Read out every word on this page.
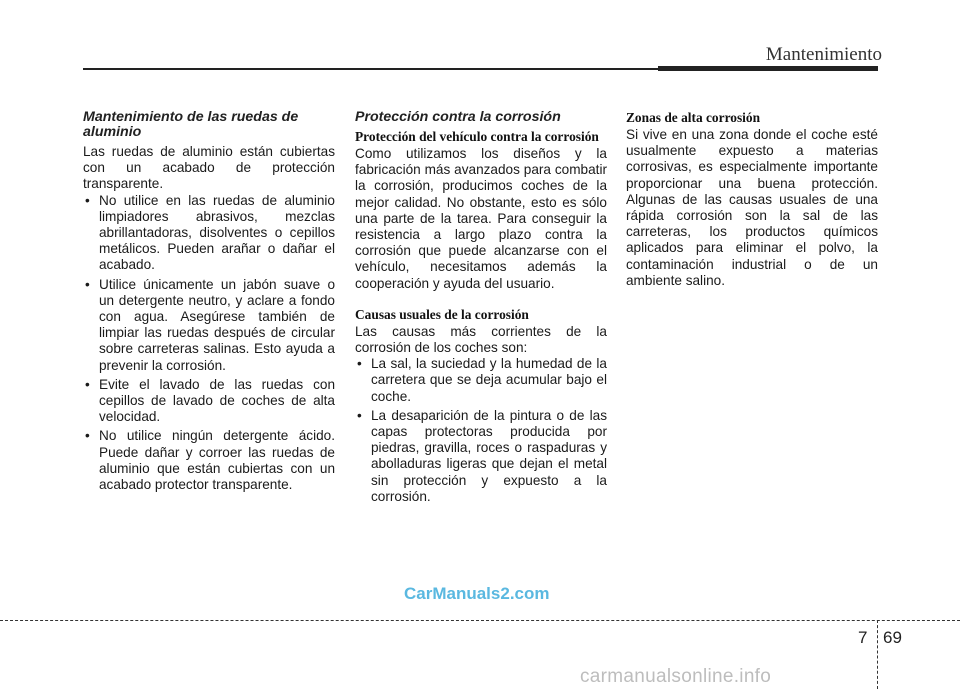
Mantenimiento
Mantenimiento de las ruedas de aluminio

Las ruedas de aluminio están cubiertas con un acabado de protección transparente.

• No utilice en las ruedas de aluminio limpiadores abrasivos, mezclas abrillantadoras, disolventes o cepillos metálicos. Pueden arañar o dañar el acabado.
• Utilice únicamente un jabón suave o un detergente neutro, y aclare a fondo con agua. Asegúrese también de limpiar las ruedas después de circular sobre carreteras salinas. Esto ayuda a prevenir la corrosión.
• Evite el lavado de las ruedas con cepillos de lavado de coches de alta velocidad.
• No utilice ningún detergente ácido. Puede dañar y corroer las ruedas de aluminio que están cubiertas con un acabado protector transparente.
Protección contra la corrosión
Protección del vehículo contra la corrosión

Como utilizamos los diseños y la fabricación más avanzados para combatir la corrosión, producimos coches de la mejor calidad. No obstante, esto es sólo una parte de la tarea. Para conseguir la resistencia a largo plazo contra la corrosión que puede alcanzarse con el vehículo, necesitamos además la cooperación y ayuda del usuario.

Causas usuales de la corrosión

Las causas más corrientes de la corrosión de los coches son:

• La sal, la suciedad y la humedad de la carretera que se deja acumular bajo el coche.
• La desaparición de la pintura o de las capas protectoras producida por piedras, gravilla, roces o raspaduras y abolladuras ligeras que dejan el metal sin protección y expuesto a la corrosión.
Zonas de alta corrosión

Si vive en una zona donde el coche esté usualmente expuesto a materias corrosivas, es especialmente importante proporcionar una buena protección. Algunas de las causas usuales de una rápida corrosión son la sal de las carreteras, los productos químicos aplicados para eliminar el polvo, la contaminación industrial o de un ambiente salino.

CarManuals2.com
7 69
carmanualsonline.info
